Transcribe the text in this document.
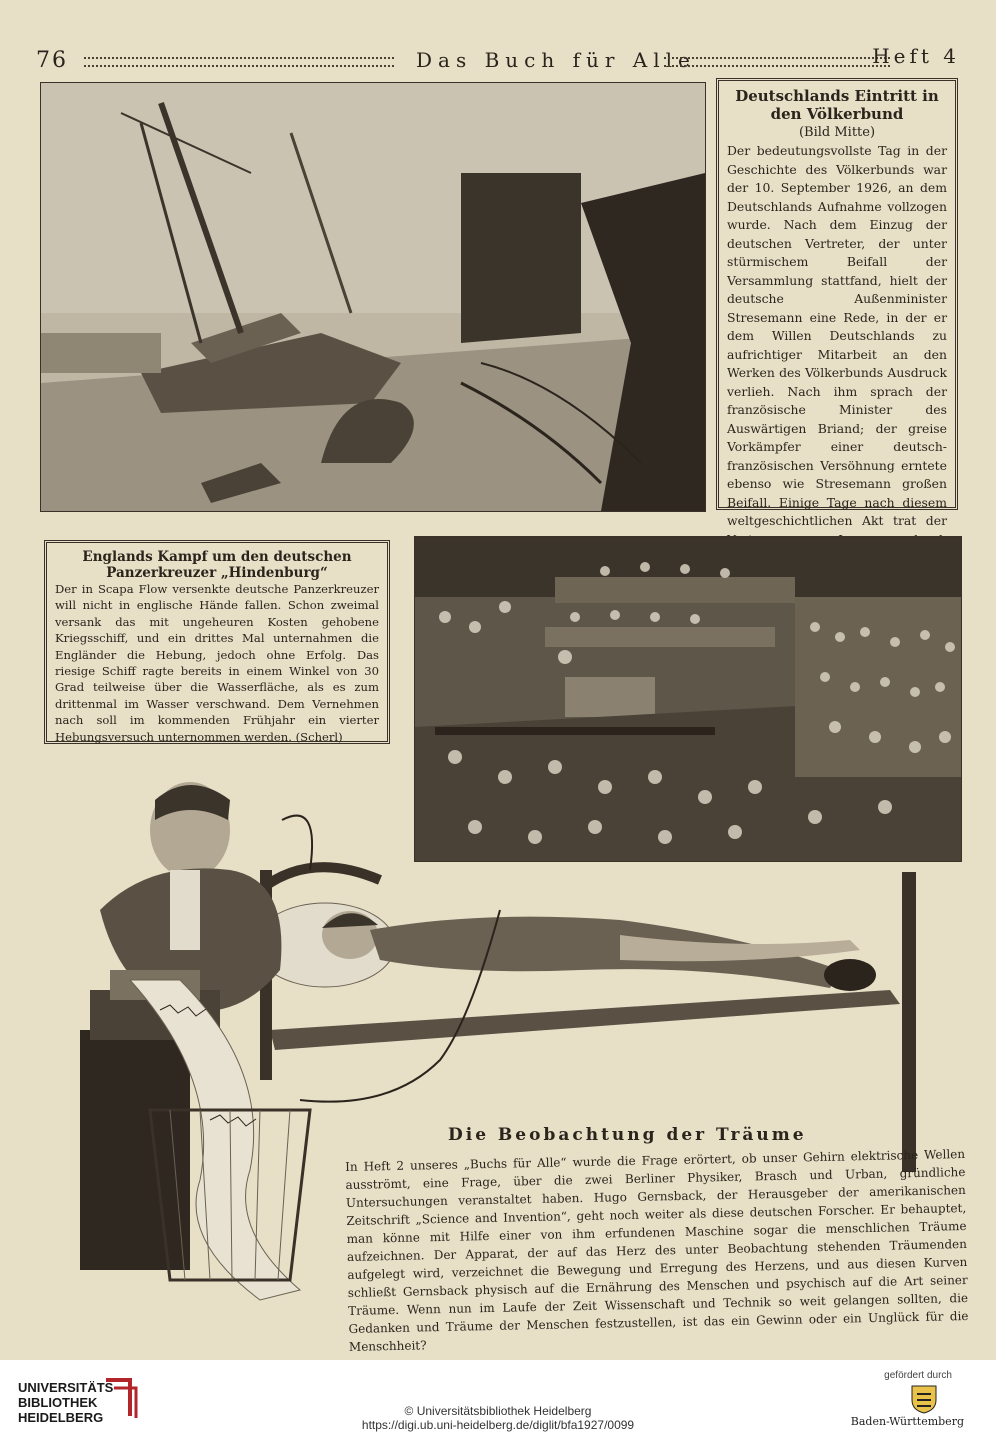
76	Das Buch für Alle	Heft 4
Deutschlands Eintritt in den Völkerbund
(Bild Mitte)

Der bedeutungsvollste Tag in der Geschichte des Völkerbunds war der 10. September 1926, an dem Deutschlands Aufnahme vollzogen wurde. Nach dem Einzug der deutschen Vertreter, der unter stürmischem Beifall der Versammlung stattfand, hielt der deutsche Außenminister Stresemann eine Rede, in der er dem Willen Deutschlands zu aufrichtiger Mitarbeit an den Werken des Völkerbunds Ausdruck verlieh. Nach ihm sprach der französische Minister des Auswärtigen Briand; der greise Vorkämpfer einer deutsch-französischen Versöhnung erntete ebenso wie Stresemann großen Beifall. Einige Tage nach diesem weltgeschichtlichen Akt trat der

Englands Kampf um den deutschen Panzerkreuzer „Hindenburg“

Der in Scapa Flow versenkte deutsche Panzerkreuzer will nicht in englische Hände fallen. Schon zweimal versank das mit ungeheuren Kosten gehobene Kriegsschiff, und ein drittes Mal unternahmen die Engländer die Hebung, jedoch ohne Erfolg. Das riesige Schiff ragte bereits in einem Winkel von 30 Grad teilweise über die Wasserfläche, als es zum drittenmal im Wasser verschwand. Dem Vernehmen nach soll im kommenden Frühjahr ein vierter Hebungsversuch unternommen werden. (Scherl)

Die Beobachtung der Träume
In Heft 2 unseres „Buchs für Alle“ wurde die Frage erörtert, ob unser Gehirn elektrische Wellen ausströmt, eine Frage, über die zwei Berliner Physiker, Brasch und Urban, gründliche Untersuchungen veranstaltet haben. Hugo Gernsback, der Herausgeber der amerikanischen Zeitschrift „Science and Invention“, geht noch weiter als diese deutschen Forscher. Er behauptet, man könne mit Hilfe einer von ihm erfundenen Maschine sogar die menschlichen Träume aufzeichnen. Der Apparat, der auf das Herz des unter Beobachtung stehenden Träumenden aufgelegt wird, verzeichnet die Bewegung und Erregung des Herzens, und aus diesen Kurven schließt Gernsback physisch auf die Ernährung des Menschen und psychisch auf die Art seiner Träume. Wenn nun im Laufe der Zeit Wissenschaft und Technik so weit gelangen sollten, die Gedanken und Träume der Menschen festzustellen, ist das ein Gewinn oder ein Unglück für die Menschheit?
UNIVERSITÄTS-
BIBLIOTHEK
HEIDELBERG	© Universitätsbibliothek Heidelberg
https://digi.ub.uni-heidelberg.de/diglit/bfa1927/0099
gefördert durch
Baden-Württemberg
